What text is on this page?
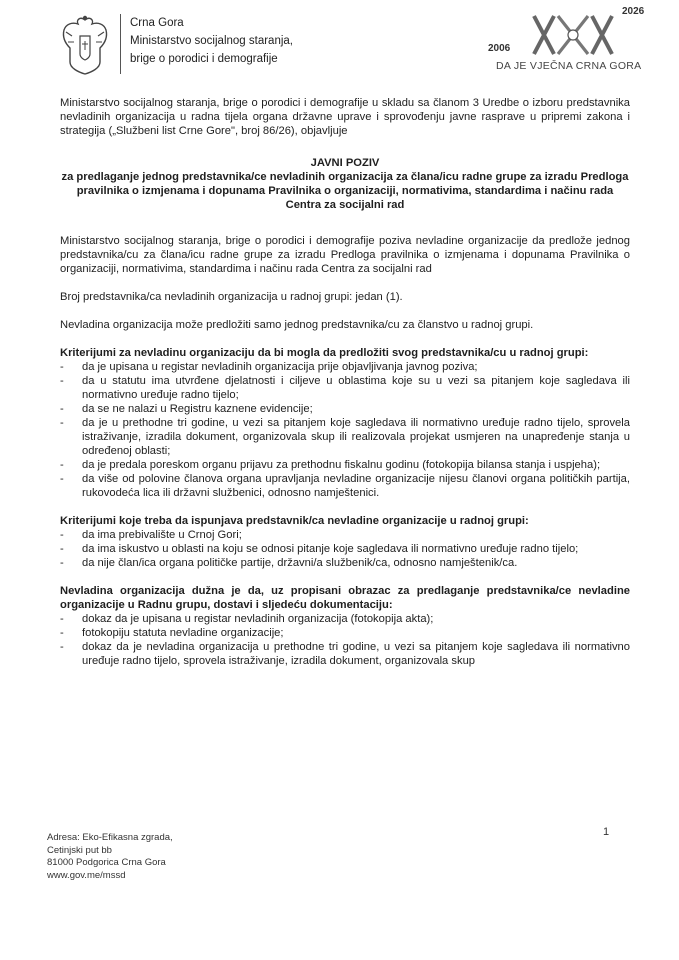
Crna Gora
Ministarstvo socijalnog staranja,
brige o porodici i demografije
2006
2026
DA JE VJEČNA CRNA GORA

Ministarstvo socijalnog staranja, brige o porodici i demografije u skladu sa članom 3 Uredbe o izboru predstavnika nevladinih organizacija u radna tijela organa državne uprave i sprovođenju javne rasprave u pripremi zakona i strategija („Službeni list Crne Gore", broj 86/26), objavljuje

JAVNI POZIV
za predlaganje jednog predstavnika/ce nevladinih organizacija za člana/icu radne grupe za izradu Predloga pravilnika o izmjenama i dopunama Pravilnika o organizaciji, normativima, standardima i načinu rada Centra za socijalni rad

Ministarstvo socijalnog staranja, brige o porodici i demografije poziva nevladine organizacije da predlože jednog predstavnika/cu za člana/icu radne grupe za izradu Predloga pravilnika o izmjenama i dopunama Pravilnika o organizaciji, normativima, standardima i načinu rada Centra za socijalni rad

Broj predstavnika/ca nevladinih organizacija u radnoj grupi: jedan (1).

Nevladina organizacija može predložiti samo jednog predstavnika/cu za članstvo u radnoj grupi.

Kriterijumi za nevladinu organizaciju da bi mogla da predložiti svog predstavnika/cu u radnoj grupi:

- da je upisana u registar nevladinih organizacija prije objavljivanja javnog poziva;
- da u statutu ima utvrđene djelatnosti i ciljeve u oblastima koje su u vezi sa pitanjem koje sagledava ili normativno uređuje radno tijelo;
- da se ne nalazi u Registru kaznene evidencije;
- da je u prethodne tri godine, u vezi sa pitanjem koje sagledava ili normativno uređuje radno tijelo, sprovela istraživanje, izradila dokument, organizovala skup ili realizovala projekat usmjeren na unapređenje stanja u određenoj oblasti;
- da je predala poreskom organu prijavu za prethodnu fiskalnu godinu (fotokopija bilansa stanja i uspjeha);
- da više od polovine članova organa upravljanja nevladine organizacije nijesu članovi organa političkih partija, rukovodeća lica ili državni službenici, odnosno namještenici.

Kriterijumi koje treba da ispunjava predstavnik/ca nevladine organizacije u radnoj grupi:

- da ima prebivalište u Crnoj Gori;
- da ima iskustvo u oblasti na koju se odnosi pitanje koje sagledava ili normativno uređuje radno tijelo;
- da nije član/ica organa političke partije, državni/a službenik/ca, odnosno namještenik/ca.

Nevladina organizacija dužna je da, uz propisani obrazac za predlaganje predstavnika/ce nevladine organizacije u Radnu grupu, dostavi i sljedeću dokumentaciju:

- dokaz da je upisana u registar nevladinih organizacija (fotokopija akta);
- fotokopiju statuta nevladine organizacije;
- dokaz da je nevladina organizacija u prethodne tri godine, u vezi sa pitanjem koje sagledava ili normativno uređuje radno tijelo, sprovela istraživanje, izradila dokument, organizovala skup
1
Adresa: Eko-Efikasna zgrada,
Cetinjski put bb
81000 Podgorica Crna Gora
www.gov.me/mssd
